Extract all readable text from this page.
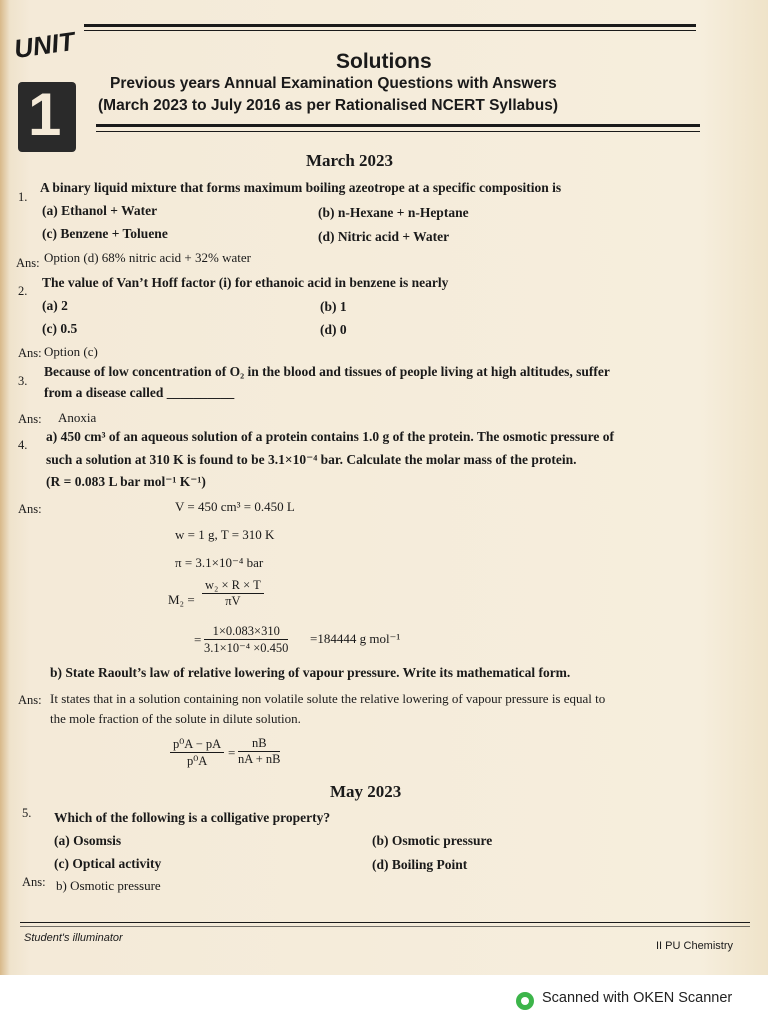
UNIT
1
Solutions
Previous years Annual Examination Questions with Answers
(March 2023 to July 2016 as per Rationalised NCERT Syllabus)
March 2023
1.
A binary liquid mixture that forms maximum boiling azeotrope at a specific composition is
(a) Ethanol + Water	(b) n-Hexane + n-Heptane
(c) Benzene + Toluene	(d) Nitric acid + Water
Ans: Option (d) 68% nitric acid + 32% water
2.
The value of Van’t Hoff factor (i) for ethanoic acid in benzene is nearly
(a) 2	(b) 1
(c) 0.5	(d) 0
Ans: Option (c)
3.
Because of low concentration of O₂ in the blood and tissues of people living at high altitudes, suffer
from a disease called __________
Ans: Anoxia
4.
a) 450 cm³ of an aqueous solution of a protein contains 1.0 g of the protein. The osmotic pressure of
such a solution at 310 K is found to be 3.1×10⁻⁴ bar. Calculate the molar mass of the protein.
(R = 0.083 L bar mol⁻¹ K⁻¹)
Ans:	V = 450 cm³ = 0.450 L
w = 1 g, T = 310 K
π = 3.1×10⁻⁴ bar
$M_2 = \frac{\text{w₂ × R × T}}{\pi V}$
= $\frac{1\times 0.083\times 310}{\text{3.1×10⁻⁴ ×0.450}} =184444$ g mol⁻¹
b) State Raoult’s law of relative lowering of vapour pressure. Write its mathematical form.
Ans: It states that in a solution containing non volatile solute the relative lowering of vapour pressure is equal to
the mole fraction of the solute in dilute solution.
$\frac{\text{p⁰A − pA}}{\text{p⁰A}} = \frac{nB}{nA + nB}$
May 2023
5. Which of the following is a colligative property?
(a) Osomsis	(b) Osmotic pressure
(c) Optical activity	(d) Boiling Point
Ans: b) Osmotic pressure
Student's illuminator
II PU Chemistry
Scanned with OKEN Scanner
